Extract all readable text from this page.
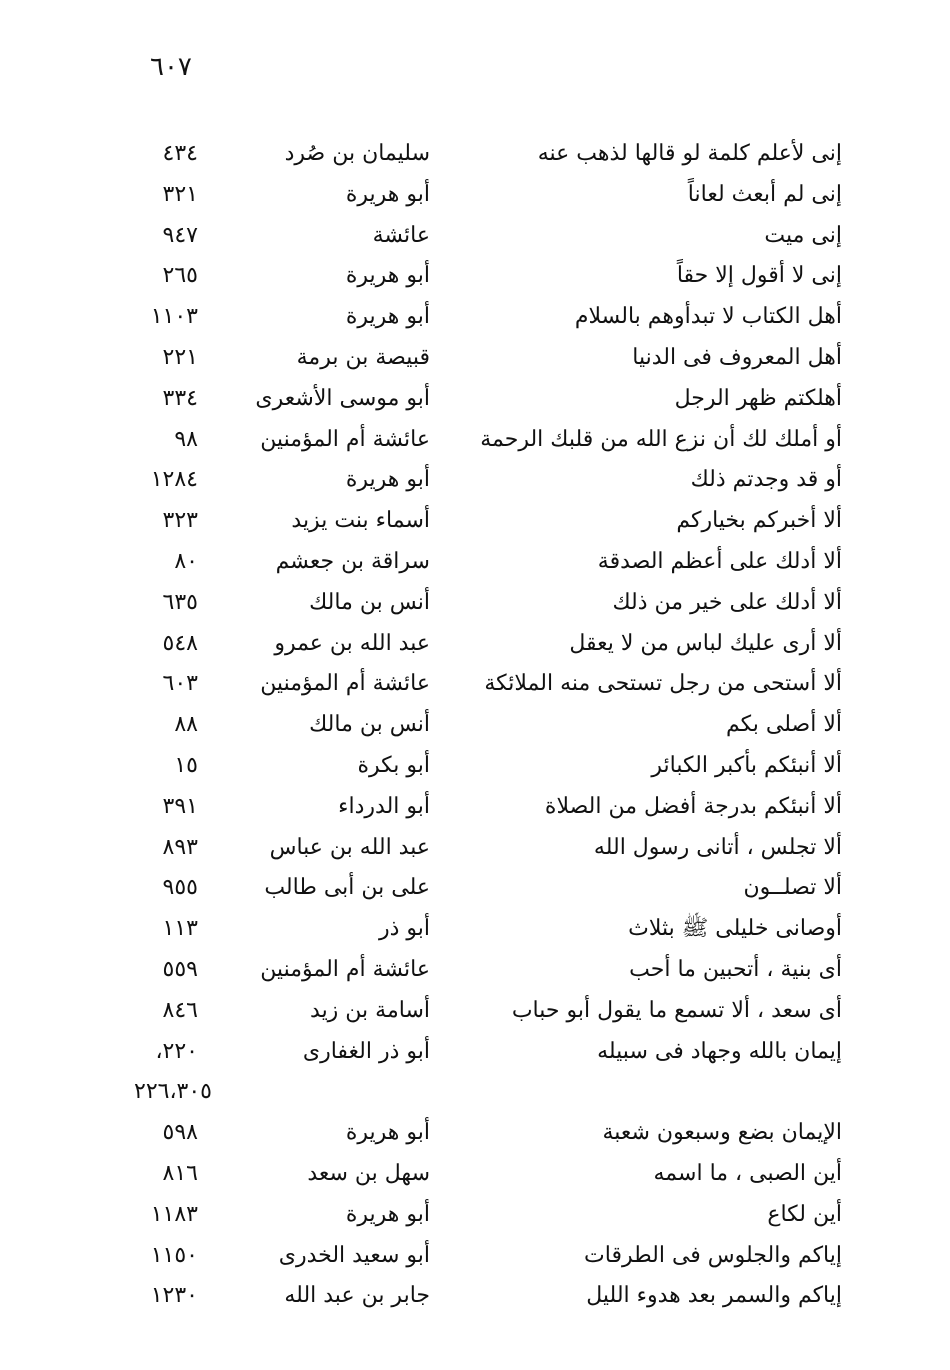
٦٠٧
إنى لأعلم كلمة لو قالها لذهب عنه
سليمان بن صُرد
٤٣٤
إنى لم أبعث لعاناً
أبو هريرة
٣٢١
إنى ميت
عائشة
٩٤٧
إنى لا أقول إلا حقاً
أبو هريرة
٢٦٥
أهل الكتاب لا تبدأوهم بالسلام
أبو هريرة
١١٠٣
أهل المعروف فى الدنيا
قبيصة بن برمة
٢٢١
أهلكتم ظهر الرجل
أبو موسى الأشعرى
٣٣٤
أو أملك لك أن نزع الله من قلبك الرحمة
عائشة أم المؤمنين
٩٨
أو قد وجدتم ذلك
أبو هريرة
١٢٨٤
ألا أخبركم بخياركم
أسماء بنت يزيد
٣٢٣
ألا أدلك على أعظم الصدقة
سراقة بن جعشم
٨٠
ألا أدلك على خير من ذلك
أنس بن مالك
٦٣٥
ألا أرى عليك لباس من لا يعقل
عبد الله بن عمرو
٥٤٨
ألا أستحى من رجل تستحى منه الملائكة
عائشة أم المؤمنين
٦٠٣
ألا أصلى بكم
أنس بن مالك
٨٨
ألا أنبئكم بأكبر الكبائر
أبو بكرة
١٥
ألا أنبئكم بدرجة أفضل من الصلاة
أبو الدرداء
٣٩١
ألا تجلس ، أتانى رسول الله
عبد الله بن عباس
٨٩٣
ألا تصلــون
على بن أبى طالب
٩٥٥
أوصانى خليلى ﷺ بثلاث
أبو ذر
١١٣
أى بنية ، أتحبين ما أحب
عائشة أم المؤمنين
٥٥٩
أى سعد ، ألا تسمع ما يقول أبو حباب
أسامة بن زيد
٨٤٦
إيمان بالله وجهاد فى سبيله
أبو ذر الغفارى
٢٢٠،
٢٢٦،٣٠٥
الإيمان بضع وسبعون شعبة
أبو هريرة
٥٩٨
أين الصبى ، ما اسمه
سهل بن سعد
٨١٦
أين لكاع
أبو هريرة
١١٨٣
إياكم والجلوس فى الطرقات
أبو سعيد الخدرى
١١٥٠
إياكم والسمر بعد هدوء الليل
جابر بن عبد الله
١٢٣٠
